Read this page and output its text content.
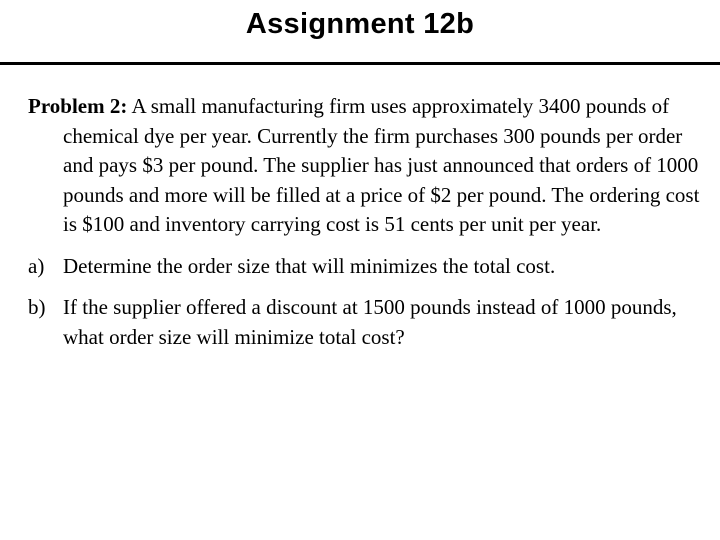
Assignment 12b

Problem 2: A small manufacturing firm uses approximately 3400 pounds of chemical dye per year. Currently the firm purchases 300 pounds per order and pays $3 per pound. The supplier has just announced that orders of 1000 pounds and more will be filled at a price of $2 per pound. The ordering cost is $100 and inventory carrying cost is 51 cents per unit per year.

a) Determine the order size that will minimizes the total cost.
b) If the supplier offered a discount at 1500 pounds instead of 1000 pounds, what order size will minimize total cost?
